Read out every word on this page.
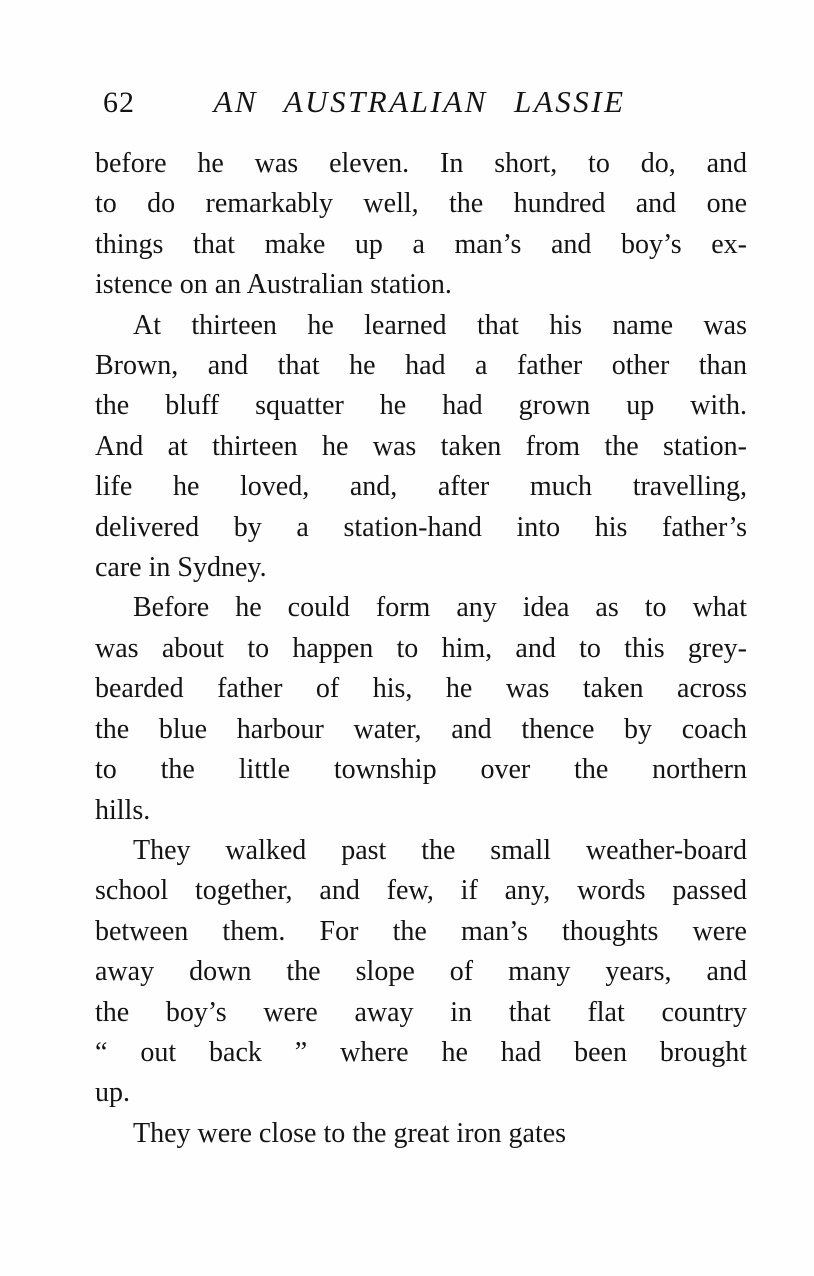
62	AN AUSTRALIAN LASSIE

before he was eleven. In short, to do, and
to do remarkably well, the hundred and one
things that make up a man’s and boy’s ex-
istence on an Australian station.

At thirteen he learned that his name was
Brown, and that he had a father other than
the bluff squatter he had grown up with.
And at thirteen he was taken from the station-
life he loved, and, after much travelling,
delivered by a station-hand into his father’s
care in Sydney.

Before he could form any idea as to what
was about to happen to him, and to this grey-
bearded father of his, he was taken across
the blue harbour water, and thence by coach
to the little township over the northern
hills.

They walked past the small weather-board
school together, and few, if any, words passed
between them. For the man’s thoughts were
away down the slope of many years, and
the boy’s were away in that flat country
“ out back ” where he had been brought
up.

They were close to the great iron gates
